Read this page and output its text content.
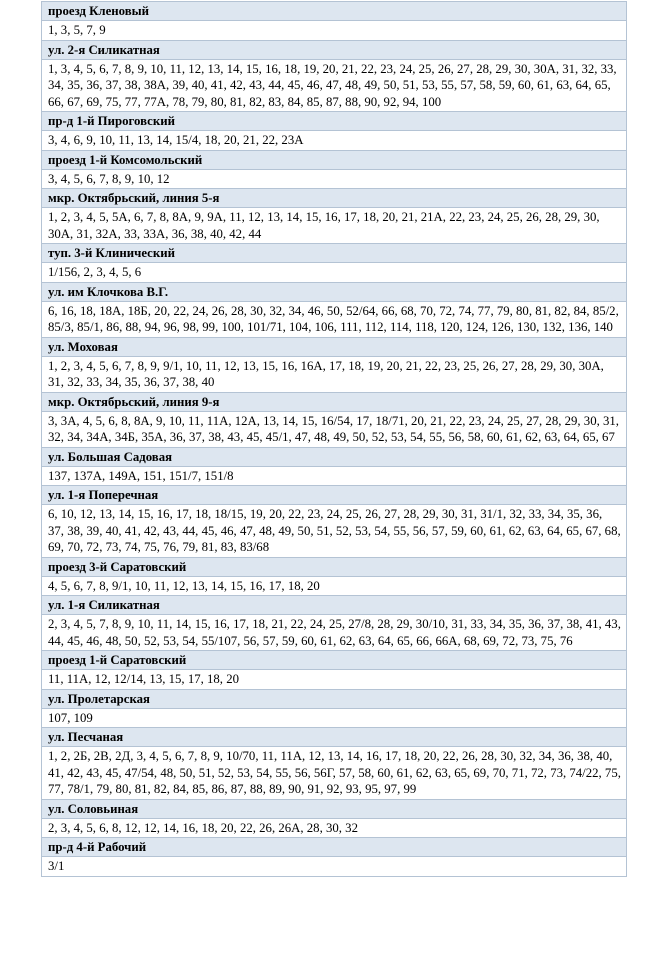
проезд Кленовый
1, 3, 5, 7, 9
ул. 2-я Силикатная
1, 3, 4, 5, 6, 7, 8, 9, 10, 11, 12, 13, 14, 15, 16, 18, 19, 20, 21, 22, 23, 24, 25, 26, 27, 28, 29, 30, 30А, 31, 32, 33, 34, 35, 36, 37, 38, 38А, 39, 40, 41, 42, 43, 44, 45, 46, 47, 48, 49, 50, 51, 53, 55, 57, 58, 59, 60, 61, 63, 64, 65, 66, 67, 69, 75, 77, 77А, 78, 79, 80, 81, 82, 83, 84, 85, 87, 88, 90, 92, 94, 100
пр-д 1-й Пироговский
3, 4, 6, 9, 10, 11, 13, 14, 15/4, 18, 20, 21, 22, 23А
проезд 1-й Комсомольский
3, 4, 5, 6, 7, 8, 9, 10, 12
мкр. Октябрьский, линия 5-я
1, 2, 3, 4, 5, 5А, 6, 7, 8, 8А, 9, 9А, 11, 12, 13, 14, 15, 16, 17, 18, 20, 21, 21А, 22, 23, 24, 25, 26, 28, 29, 30, 30А, 31, 32А, 33, 33А, 36, 38, 40, 42, 44
туп. 3-й Клинический
1/156, 2, 3, 4, 5, 6
ул. им Клочкова В.Г.
6, 16, 18, 18А, 18Б, 20, 22, 24, 26, 28, 30, 32, 34, 46, 50, 52/64, 66, 68, 70, 72, 74, 77, 79, 80, 81, 82, 84, 85/2, 85/3, 85/1, 86, 88, 94, 96, 98, 99, 100, 101/71, 104, 106, 111, 112, 114, 118, 120, 124, 126, 130, 132, 136, 140
ул. Моховая
1, 2, 3, 4, 5, 6, 7, 8, 9, 9/1, 10, 11, 12, 13, 15, 16, 16А, 17, 18, 19, 20, 21, 22, 23, 25, 26, 27, 28, 29, 30, 30А, 31, 32, 33, 34, 35, 36, 37, 38, 40
мкр. Октябрьский, линия 9-я
3, 3А, 4, 5, 6, 8, 8А, 9, 10, 11, 11А, 12А, 13, 14, 15, 16/54, 17, 18/71, 20, 21, 22, 23, 24, 25, 27, 28, 29, 30, 31, 32, 34, 34А, 34Б, 35А, 36, 37, 38, 43, 45, 45/1, 47, 48, 49, 50, 52, 53, 54, 55, 56, 58, 60, 61, 62, 63, 64, 65, 67
ул. Большая Садовая
137, 137А, 149А, 151, 151/7, 151/8
ул. 1-я Поперечная
6, 10, 12, 13, 14, 15, 16, 17, 18, 18/15, 19, 20, 22, 23, 24, 25, 26, 27, 28, 29, 30, 31, 31/1, 32, 33, 34, 35, 36, 37, 38, 39, 40, 41, 42, 43, 44, 45, 46, 47, 48, 49, 50, 51, 52, 53, 54, 55, 56, 57, 59, 60, 61, 62, 63, 64, 65, 67, 68, 69, 70, 72, 73, 74, 75, 76, 79, 81, 83, 83/68
проезд 3-й Саратовский
4, 5, 6, 7, 8, 9/1, 10, 11, 12, 13, 14, 15, 16, 17, 18, 20
ул. 1-я Силикатная
2, 3, 4, 5, 7, 8, 9, 10, 11, 14, 15, 16, 17, 18, 21, 22, 24, 25, 27/8, 28, 29, 30/10, 31, 33, 34, 35, 36, 37, 38, 41, 43, 44, 45, 46, 48, 50, 52, 53, 54, 55/107, 56, 57, 59, 60, 61, 62, 63, 64, 65, 66, 66А, 68, 69, 72, 73, 75, 76
проезд 1-й Саратовский
11, 11А, 12, 12/14, 13, 15, 17, 18, 20
ул. Пролетарская
107, 109
ул. Песчаная
1, 2, 2Б, 2В, 2Д, 3, 4, 5, 6, 7, 8, 9, 10/70, 11, 11А, 12, 13, 14, 16, 17, 18, 20, 22, 26, 28, 30, 32, 34, 36, 38, 40, 41, 42, 43, 45, 47/54, 48, 50, 51, 52, 53, 54, 55, 56, 56Г, 57, 58, 60, 61, 62, 63, 65, 69, 70, 71, 72, 73, 74/22, 75, 77, 78/1, 79, 80, 81, 82, 84, 85, 86, 87, 88, 89, 90, 91, 92, 93, 95, 97, 99
ул. Соловьиная
2, 3, 4, 5, 6, 8, 12, 12, 14, 16, 18, 20, 22, 26, 26А, 28, 30, 32
пр-д 4-й Рабочий
3/1
